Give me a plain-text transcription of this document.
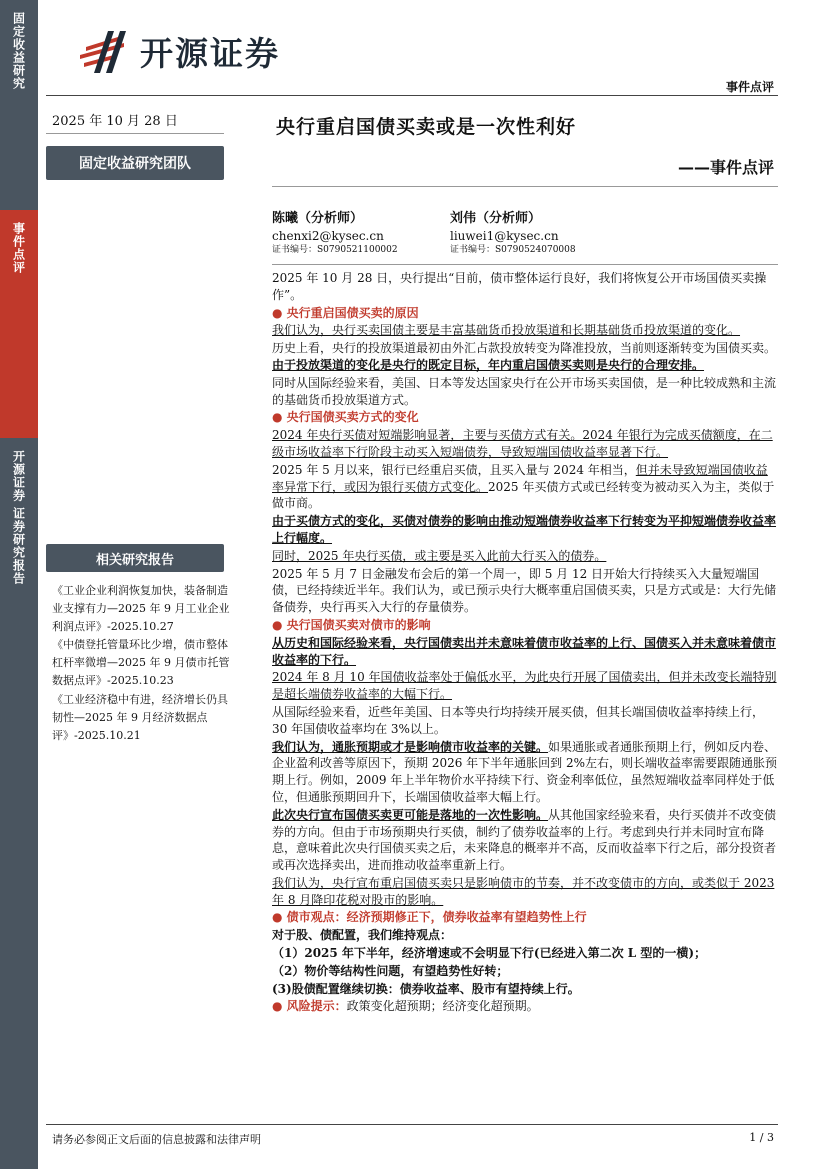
固定收益研究
事件点评
开源证券 证券研究报告
开源证券
事件点评
2025 年 10 月 28 日
固定收益研究团队
央行重启国债买卖或是一次性利好
——事件点评
陈曦（分析师）
chenxi2@kysec.cn
证书编号：S0790521100002
刘伟（分析师）
liuwei1@kysec.cn
证书编号：S0790524070008
相关研究报告

《工业企业利润恢复加快，装备制造业支撑有力—2025 年 9 月工业企业利润点评》-2025.10.27

《中债登托管量环比少增，债市整体杠杆率微增—2025 年 9 月债市托管数据点评》-2025.10.23

《工业经济稳中有进，经济增长仍具韧性—2025 年 9 月经济数据点评》-2025.10.21

2025 年 10 月 28 日，央行提出“目前，债市整体运行良好，我们将恢复公开市场国债买卖操作”。

● 央行重启国债买卖的原因

我们认为，央行买卖国债主要是丰富基础货币投放渠道和长期基础货币投放渠道的变化。

历史上看，央行的投放渠道最初由外汇占款投放转变为降准投放，当前则逐渐转变为国债买卖。由于投放渠道的变化是央行的既定目标，年内重启国债买卖则是央行的合理安排。

同时从国际经验来看，美国、日本等发达国家央行在公开市场买卖国债，是一种比较成熟和主流的基础货币投放渠道方式。

● 央行国债买卖方式的变化

2024 年央行买债对短端影响显著，主要与买债方式有关。2024 年银行为完成买债额度，在二级市场收益率下行阶段主动买入短端债券，导致短端国债收益率显著下行。

2025 年 5 月以来，银行已经重启买债，且买入量与 2024 年相当，但并未导致短端国债收益率异常下行，或因为银行买债方式变化。2025 年买债方式或已经转变为被动买入为主，类似于做市商。

由于买债方式的变化，买债对债券的影响由推动短端债券收益率下行转变为平抑短端债券收益率上行幅度。

同时，2025 年央行买债，或主要是买入此前大行买入的债券。

2025 年 5 月 7 日金融发布会后的第一个周一，即 5 月 12 日开始大行持续买入大量短端国债，已经持续近半年。我们认为，或已预示央行大概率重启国债买卖，只是方式或是：大行先储备债券，央行再买入大行的存量债券。

● 央行国债买卖对债市的影响

从历史和国际经验来看，央行国债卖出并未意味着债市收益率的上行、国债买入并未意味着债市收益率的下行。

2024 年 8 月 10 年国债收益率处于偏低水平，为此央行开展了国债卖出，但并未改变长端特别是超长端债券收益率的大幅下行。

从国际经验来看，近些年美国、日本等央行均持续开展买债，但其长端国债收益率持续上行，30 年国债收益率均在 3%以上。

我们认为，通胀预期或才是影响债市收益率的关键。如果通胀或者通胀预期上行，例如反内卷、企业盈利改善等原因下，预期 2026 年下半年通胀回到 2%左右，则长端收益率需要跟随通胀预期上行。例如，2009 年上半年物价水平持续下行、资金利率低位，虽然短端收益率同样处于低位，但通胀预期回升下，长端国债收益率大幅上行。

此次央行宣布国债买卖更可能是落地的一次性影响。从其他国家经验来看，央行买债并不改变债券的方向。但由于市场预期央行买债，制约了债券收益率的上行。考虑到央行并未同时宣布降息，意味着此次央行国债买卖之后，未来降息的概率并不高，反而收益率下行之后，部分投资者或再次选择卖出，进而推动收益率重新上行。

我们认为，央行宣布重启国债买卖只是影响债市的节奏，并不改变债市的方向，或类似于 2023 年 8 月降印花税对股市的影响。

● 债市观点：经济预期修正下，债券收益率有望趋势性上行

对于股、债配置，我们维持观点：

（1）2025 年下半年，经济增速或不会明显下行(已经进入第二次 L 型的一横)；

（2）物价等结构性问题，有望趋势性好转；

(3)股债配置继续切换：债券收益率、股市有望持续上行。

● 风险提示：政策变化超预期；经济变化超预期。

请务必参阅正文后面的信息披露和法律声明	1 / 3
